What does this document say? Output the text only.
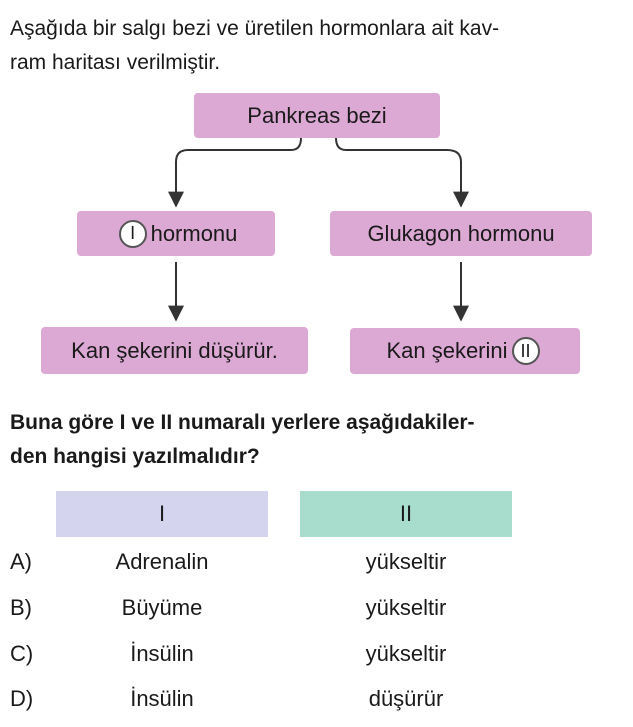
Aşağıda bir salgı bezi ve üretilen hormonlara ait kav-
ram haritası verilmiştir.
Pankreas bezi
I hormonu	Glukagon hormonu
Kan şekerini düşürür.	Kan şekerini II
Buna göre I ve II numaralı yerlere aşağıdakiler-
den hangisi yazılmalıdır?
I	II
A)	Adrenalin	yükseltir
B)	Büyüme	yükseltir
C)	İnsülin	yükseltir
D)	İnsülin	düşürür
